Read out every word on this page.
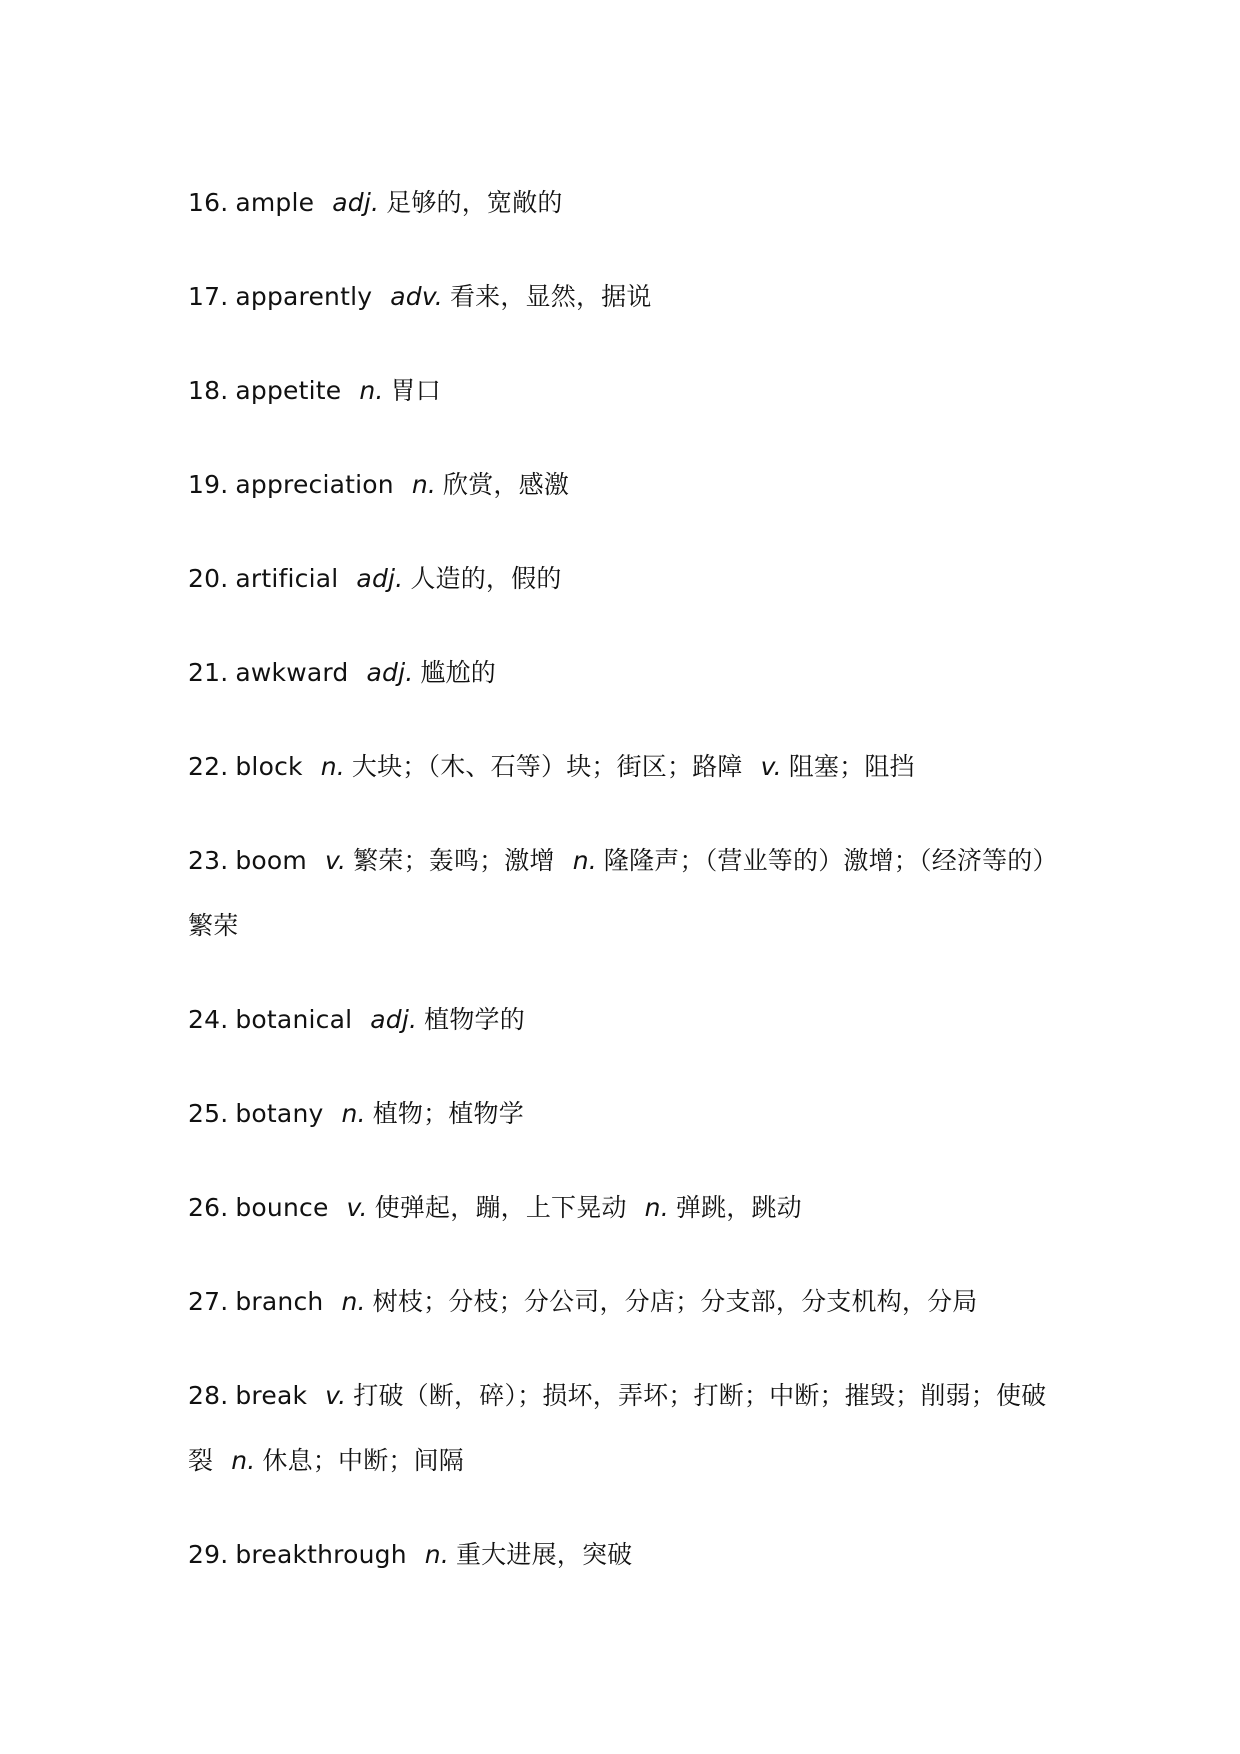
16. ample adj. 足够的，宽敞的
17. apparently adv. 看来，显然，据说
18. appetite n. 胃口
19. appreciation n. 欣赏，感激
20. artificial adj. 人造的，假的
21. awkward adj. 尴尬的
22. block n. 大块；（木、石等）块；街区；路障 v. 阻塞；阻挡
23. boom v. 繁荣；轰鸣；激增 n. 隆隆声；（营业等的）激增；（经济等的）繁荣
24. botanical adj. 植物学的
25. botany n. 植物；植物学
26. bounce v. 使弹起，蹦，上下晃动 n. 弹跳，跳动
27. branch n. 树枝；分枝；分公司，分店；分支部，分支机构，分局
28. break v. 打破（断，碎）；损坏，弄坏；打断；中断；摧毁；削弱；使破裂 n. 休息；中断；间隔
29. breakthrough n. 重大进展，突破
